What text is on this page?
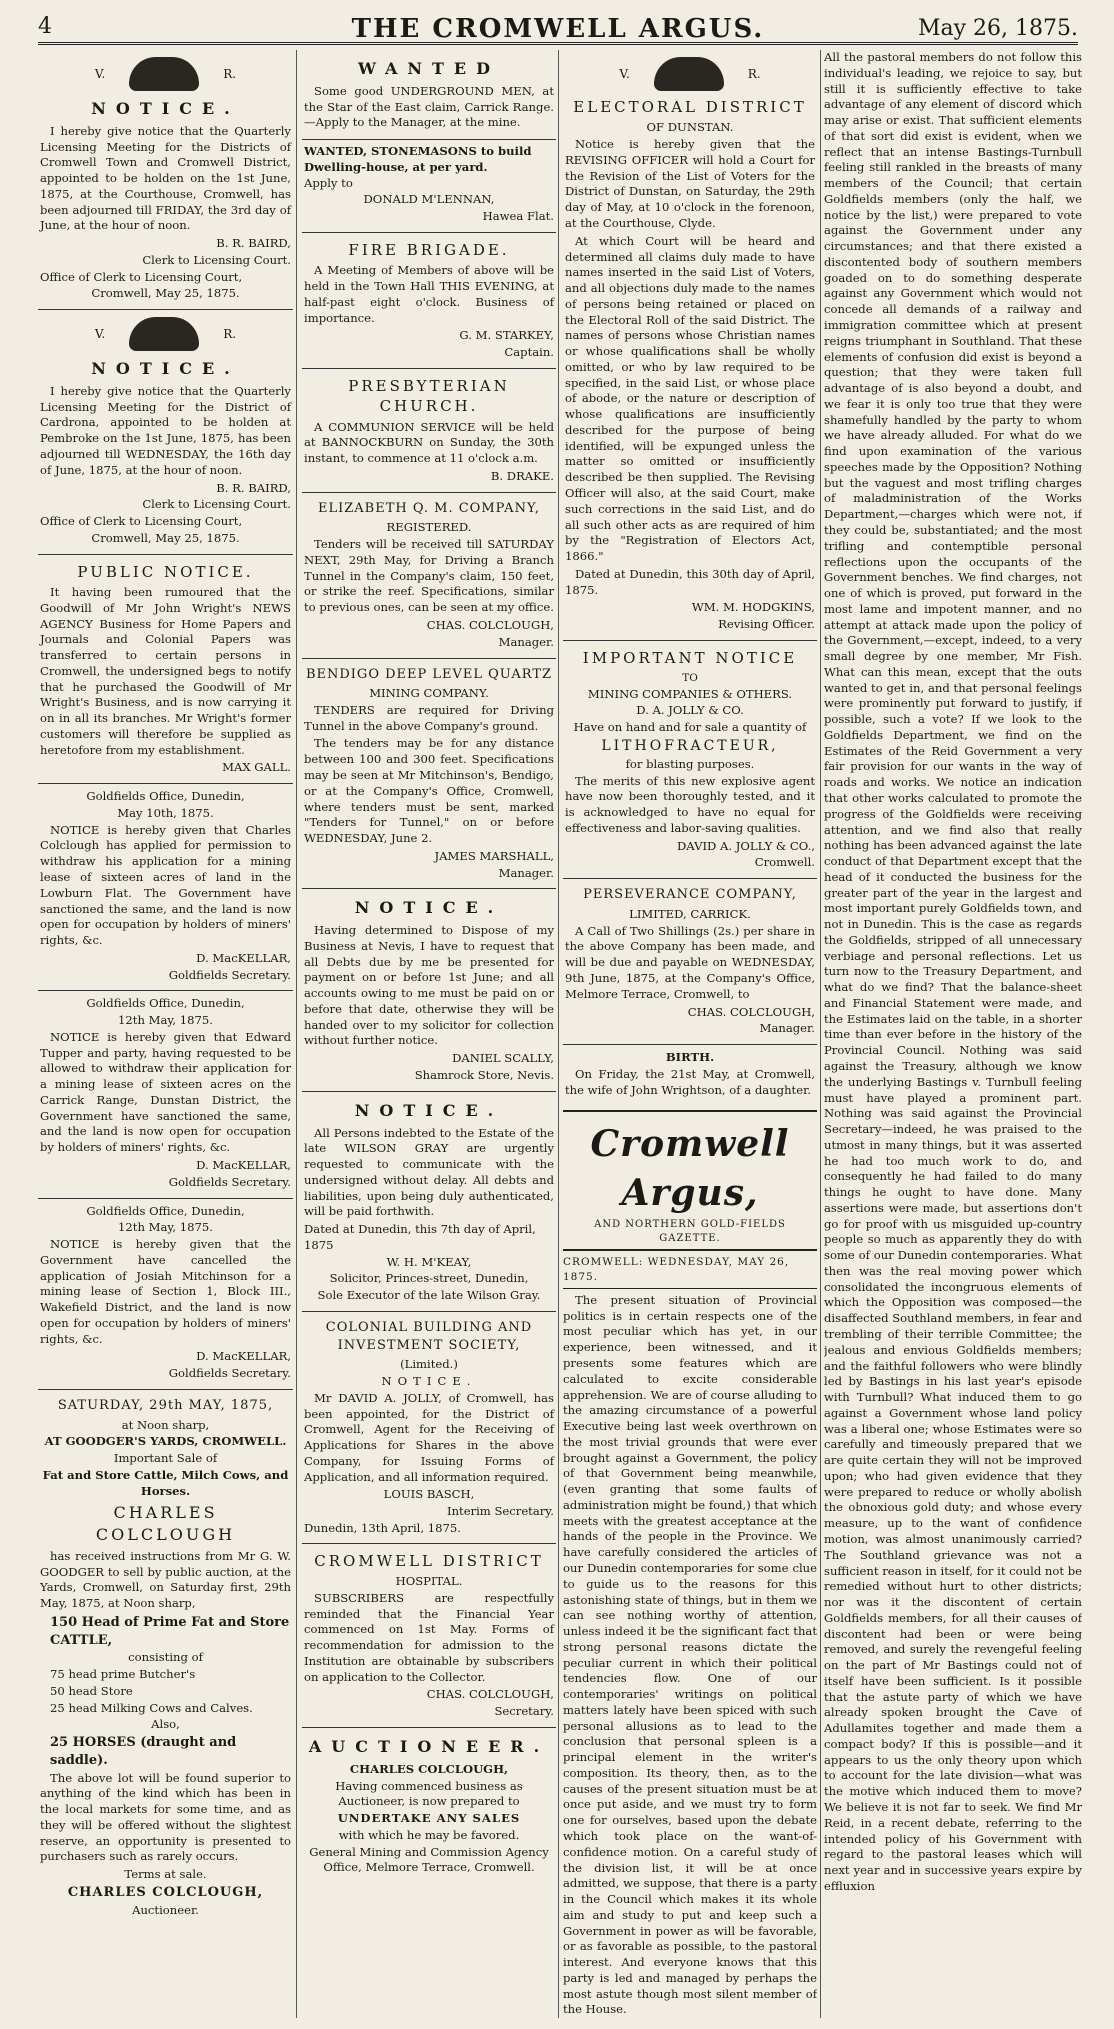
4	THE CROMWELL ARGUS.	May 26, 1875.
V.	R.
NOTICE.

I hereby give notice that the Quarterly Licensing Meeting for the Districts of Cromwell Town and Cromwell District, appointed to be holden on the 1st June, 1875, at the Courthouse, Cromwell, has been adjourned till FRIDAY, the 3rd day of June, at the hour of noon.

B. R. BAIRD,
Clerk to Licensing Court.
Office of Clerk to Licensing Court,
Cromwell, May 25, 1875.
V.	R.
NOTICE.

I hereby give notice that the Quarterly Licensing Meeting for the District of Cardrona, appointed to be holden at Pembroke on the 1st June, 1875, has been adjourned till WEDNESDAY, the 16th day of June, 1875, at the hour of noon.

B. R. BAIRD,
Clerk to Licensing Court.
Office of Clerk to Licensing Court,
Cromwell, May 25, 1875.
PUBLIC NOTICE.

It having been rumoured that the Goodwill of Mr John Wright's NEWS AGENCY Business for Home Papers and Journals and Colonial Papers was transferred to certain persons in Cromwell, the undersigned begs to notify that he purchased the Goodwill of Mr Wright's Business, and is now carrying it on in all its branches. Mr Wright's former customers will therefore be supplied as heretofore from my establishment.

MAX GALL.
Goldfields Office, Dunedin,
May 10th, 1875.

NOTICE is hereby given that Charles Colclough has applied for permission to withdraw his application for a mining lease of sixteen acres of land in the Lowburn Flat. The Government have sanctioned the same, and the land is now open for occupation by holders of miners' rights, &c.

D. MacKELLAR,
Goldfields Secretary.
Goldfields Office, Dunedin,
12th May, 1875.

NOTICE is hereby given that Edward Tupper and party, having requested to be allowed to withdraw their application for a mining lease of sixteen acres on the Carrick Range, Dunstan District, the Government have sanctioned the same, and the land is now open for occupation by holders of miners' rights, &c.

D. MacKELLAR,
Goldfields Secretary.
Goldfields Office, Dunedin,
12th May, 1875.

NOTICE is hereby given that the Government have cancelled the application of Josiah Mitchinson for a mining lease of Section 1, Block III., Wakefield District, and the land is now open for occupation by holders of miners' rights, &c.

D. MacKELLAR,
Goldfields Secretary.
SATURDAY, 29th MAY, 1875,
at Noon sharp,
AT GOODGER'S YARDS, CROMWELL.
Important Sale of
Fat and Store Cattle, Milch Cows, and Horses.
CHARLES COLCLOUGH

has received instructions from Mr G. W. GOODGER to sell by public auction, at the Yards, Cromwell, on Saturday first, 29th May, 1875, at Noon sharp,

150 Head of Prime Fat and Store CATTLE,
consisting of
75 head prime Butcher's
50 head Store
25 head Milking Cows and Calves.
Also,
25 HORSES (draught and saddle).

The above lot will be found superior to anything of the kind which has been in the local markets for some time, and as they will be offered without the slightest reserve, an opportunity is presented to purchasers such as rarely occurs.

Terms at sale.
CHARLES COLCLOUGH,
Auctioneer.
WANTED

Some good UNDERGROUND MEN, at the Star of the East claim, Carrick Range.—Apply to the Manager, at the mine.

WANTED, STONEMASONS to build Dwelling-house, at per yard.
Apply to
DONALD M'LENNAN,
Hawea Flat.
FIRE BRIGADE.

A Meeting of Members of above will be held in the Town Hall THIS EVENING, at half-past eight o'clock. Business of importance.

G. M. STARKEY,
Captain.
PRESBYTERIAN CHURCH.

A COMMUNION SERVICE will be held at BANNOCKBURN on Sunday, the 30th instant, to commence at 11 o'clock a.m.

B. DRAKE.
ELIZABETH Q. M. COMPANY,
REGISTERED.

Tenders will be received till SATURDAY NEXT, 29th May, for Driving a Branch Tunnel in the Company's claim, 150 feet, or strike the reef. Specifications, similar to previous ones, can be seen at my office.

CHAS. COLCLOUGH,
Manager.
BENDIGO DEEP LEVEL QUARTZ
MINING COMPANY.

TENDERS are required for Driving Tunnel in the above Company's ground.

The tenders may be for any distance between 100 and 300 feet. Specifications may be seen at Mr Mitchinson's, Bendigo, or at the Company's Office, Cromwell, where tenders must be sent, marked "Tenders for Tunnel," on or before WEDNESDAY, June 2.

JAMES MARSHALL,
Manager.
NOTICE.

Having determined to Dispose of my Business at Nevis, I have to request that all Debts due by me be presented for payment on or before 1st June; and all accounts owing to me must be paid on or before that date, otherwise they will be handed over to my solicitor for collection without further notice.

DANIEL SCALLY,
Shamrock Store, Nevis.
NOTICE.

All Persons indebted to the Estate of the late WILSON GRAY are urgently requested to communicate with the undersigned without delay. All debts and liabilities, upon being duly authenticated, will be paid forthwith.

Dated at Dunedin, this 7th day of April, 1875
W. H. M'KEAY,
Solicitor, Princes-street, Dunedin,
Sole Executor of the late Wilson Gray.
COLONIAL BUILDING AND INVESTMENT SOCIETY,
(Limited.)
NOTICE.

Mr DAVID A. JOLLY, of Cromwell, has been appointed, for the District of Cromwell, Agent for the Receiving of Applications for Shares in the above Company, for Issuing Forms of Application, and all information required.

LOUIS BASCH,
Interim Secretary.
Dunedin, 13th April, 1875.
CROMWELL DISTRICT
HOSPITAL.

SUBSCRIBERS are respectfully reminded that the Financial Year commenced on 1st May. Forms of recommendation for admission to the Institution are obtainable by subscribers on application to the Collector.

CHAS. COLCLOUGH,
Secretary.
AUCTIONEER.
CHARLES COLCLOUGH,
Having commenced business as Auctioneer, is now prepared to
UNDERTAKE ANY SALES
with which he may be favored.
General Mining and Commission Agency Office, Melmore Terrace, Cromwell.
V.	R.
ELECTORAL DISTRICT
OF DUNSTAN.

Notice is hereby given that the REVISING OFFICER will hold a Court for the Revision of the List of Voters for the District of Dunstan, on Saturday, the 29th day of May, at 10 o'clock in the forenoon, at the Courthouse, Clyde.

At which Court will be heard and determined all claims duly made to have names inserted in the said List of Voters, and all objections duly made to the names of persons being retained or placed on the Electoral Roll of the said District. The names of persons whose Christian names or whose qualifications shall be wholly omitted, or who by law required to be specified, in the said List, or whose place of abode, or the nature or description of whose qualifications are insufficiently described for the purpose of being identified, will be expunged unless the matter so omitted or insufficiently described be then supplied. The Revising Officer will also, at the said Court, make such corrections in the said List, and do all such other acts as are required of him by the "Registration of Electors Act, 1866."

Dated at Dunedin, this 30th day of April, 1875.

WM. M. HODGKINS,
Revising Officer.
IMPORTANT NOTICE
TO
MINING COMPANIES & OTHERS.
D. A. JOLLY & CO.
Have on hand and for sale a quantity of
LITHOFRACTEUR,
for blasting purposes.

The merits of this new explosive agent have now been thoroughly tested, and it is acknowledged to have no equal for effectiveness and labor-saving qualities.

DAVID A. JOLLY & CO.,
Cromwell.
PERSEVERANCE COMPANY,
LIMITED, CARRICK.

A Call of Two Shillings (2s.) per share in the above Company has been made, and will be due and payable on WEDNESDAY, 9th June, 1875, at the Company's Office, Melmore Terrace, Cromwell, to

CHAS. COLCLOUGH,
Manager.
BIRTH.

On Friday, the 21st May, at Cromwell, the wife of John Wrightson, of a daughter.

Cromwell Argus,
AND NORTHERN GOLD-FIELDS GAZETTE.
CROMWELL: WEDNESDAY, MAY 26, 1875.

The present situation of Provincial politics is in certain respects one of the most peculiar which has yet, in our experience, been witnessed, and it presents some features which are calculated to excite considerable apprehension. We are of course alluding to the amazing circumstance of a powerful Executive being last week overthrown on the most trivial grounds that were ever brought against a Government, the policy of that Government being meanwhile, (even granting that some faults of administration might be found,) that which meets with the greatest acceptance at the hands of the people in the Province. We have carefully considered the articles of our Dunedin contemporaries for some clue to guide us to the reasons for this astonishing state of things, but in them we can see nothing worthy of attention, unless indeed it be the significant fact that strong personal reasons dictate the peculiar current in which their political tendencies flow. One of our contemporaries' writings on political matters lately have been spiced with such personal allusions as to lead to the conclusion that personal spleen is a principal element in the writer's composition. Its theory, then, as to the causes of the present situation must be at once put aside, and we must try to form one for ourselves, based upon the debate which took place on the want-of-confidence motion. On a careful study of the division list, it will be at once admitted, we suppose, that there is a party in the Council which makes it its whole aim and study to put and keep such a Government in power as will be favorable, or as favorable as possible, to the pastoral interest. And everyone knows that this party is led and managed by perhaps the most astute though most silent member of the House.

All the pastoral members do not follow this individual's leading, we rejoice to say, but still it is sufficiently effective to take advantage of any element of discord which may arise or exist. That sufficient elements of that sort did exist is evident, when we reflect that an intense Bastings-Turnbull feeling still rankled in the breasts of many members of the Council; that certain Goldfields members (only the half, we notice by the list,) were prepared to vote against the Government under any circumstances; and that there existed a discontented body of southern members goaded on to do something desperate against any Government which would not concede all demands of a railway and immigration committee which at present reigns triumphant in Southland. That these elements of confusion did exist is beyond a question; that they were taken full advantage of is also beyond a doubt, and we fear it is only too true that they were shamefully handled by the party to whom we have already alluded. For what do we find upon examination of the various speeches made by the Opposition? Nothing but the vaguest and most trifling charges of maladministration of the Works Department,—charges which were not, if they could be, substantiated; and the most trifling and contemptible personal reflections upon the occupants of the Government benches. We find charges, not one of which is proved, put forward in the most lame and impotent manner, and no attempt at attack made upon the policy of the Government,—except, indeed, to a very small degree by one member, Mr Fish. What can this mean, except that the outs wanted to get in, and that personal feelings were prominently put forward to justify, if possible, such a vote? If we look to the Goldfields Department, we find on the Estimates of the Reid Government a very fair provision for our wants in the way of roads and works. We notice an indication that other works calculated to promote the progress of the Goldfields were receiving attention, and we find also that really nothing has been advanced against the late conduct of that Department except that the head of it conducted the business for the greater part of the year in the largest and most important purely Goldfields town, and not in Dunedin. This is the case as regards the Goldfields, stripped of all unnecessary verbiage and personal reflections. Let us turn now to the Treasury Department, and what do we find? That the balance-sheet and Financial Statement were made, and the Estimates laid on the table, in a shorter time than ever before in the history of the Provincial Council. Nothing was said against the Treasury, although we know the underlying Bastings v. Turnbull feeling must have played a prominent part. Nothing was said against the Provincial Secretary—indeed, he was praised to the utmost in many things, but it was asserted he had too much work to do, and consequently he had failed to do many things he ought to have done. Many assertions were made, but assertions don't go for proof with us misguided up-country people so much as apparently they do with some of our Dunedin contemporaries. What then was the real moving power which consolidated the incongruous elements of which the Opposition was composed—the disaffected Southland members, in fear and trembling of their terrible Committee; the jealous and envious Goldfields members; and the faithful followers who were blindly led by Bastings in his last year's episode with Turnbull? What induced them to go against a Government whose land policy was a liberal one; whose Estimates were so carefully and timeously prepared that we are quite certain they will not be improved upon; who had given evidence that they were prepared to reduce or wholly abolish the obnoxious gold duty; and whose every measure, up to the want of confidence motion, was almost unanimously carried? The Southland grievance was not a sufficient reason in itself, for it could not be remedied without hurt to other districts; nor was it the discontent of certain Goldfields members, for all their causes of discontent had been or were being removed, and surely the revengeful feeling on the part of Mr Bastings could not of itself have been sufficient. Is it possible that the astute party of which we have already spoken brought the Cave of Adullamites together and made them a compact body? If this is possible—and it appears to us the only theory upon which to account for the late division—what was the motive which induced them to move? We believe it is not far to seek. We find Mr Reid, in a recent debate, referring to the intended policy of his Government with regard to the pastoral leases which will next year and in successive years expire by effluxion
